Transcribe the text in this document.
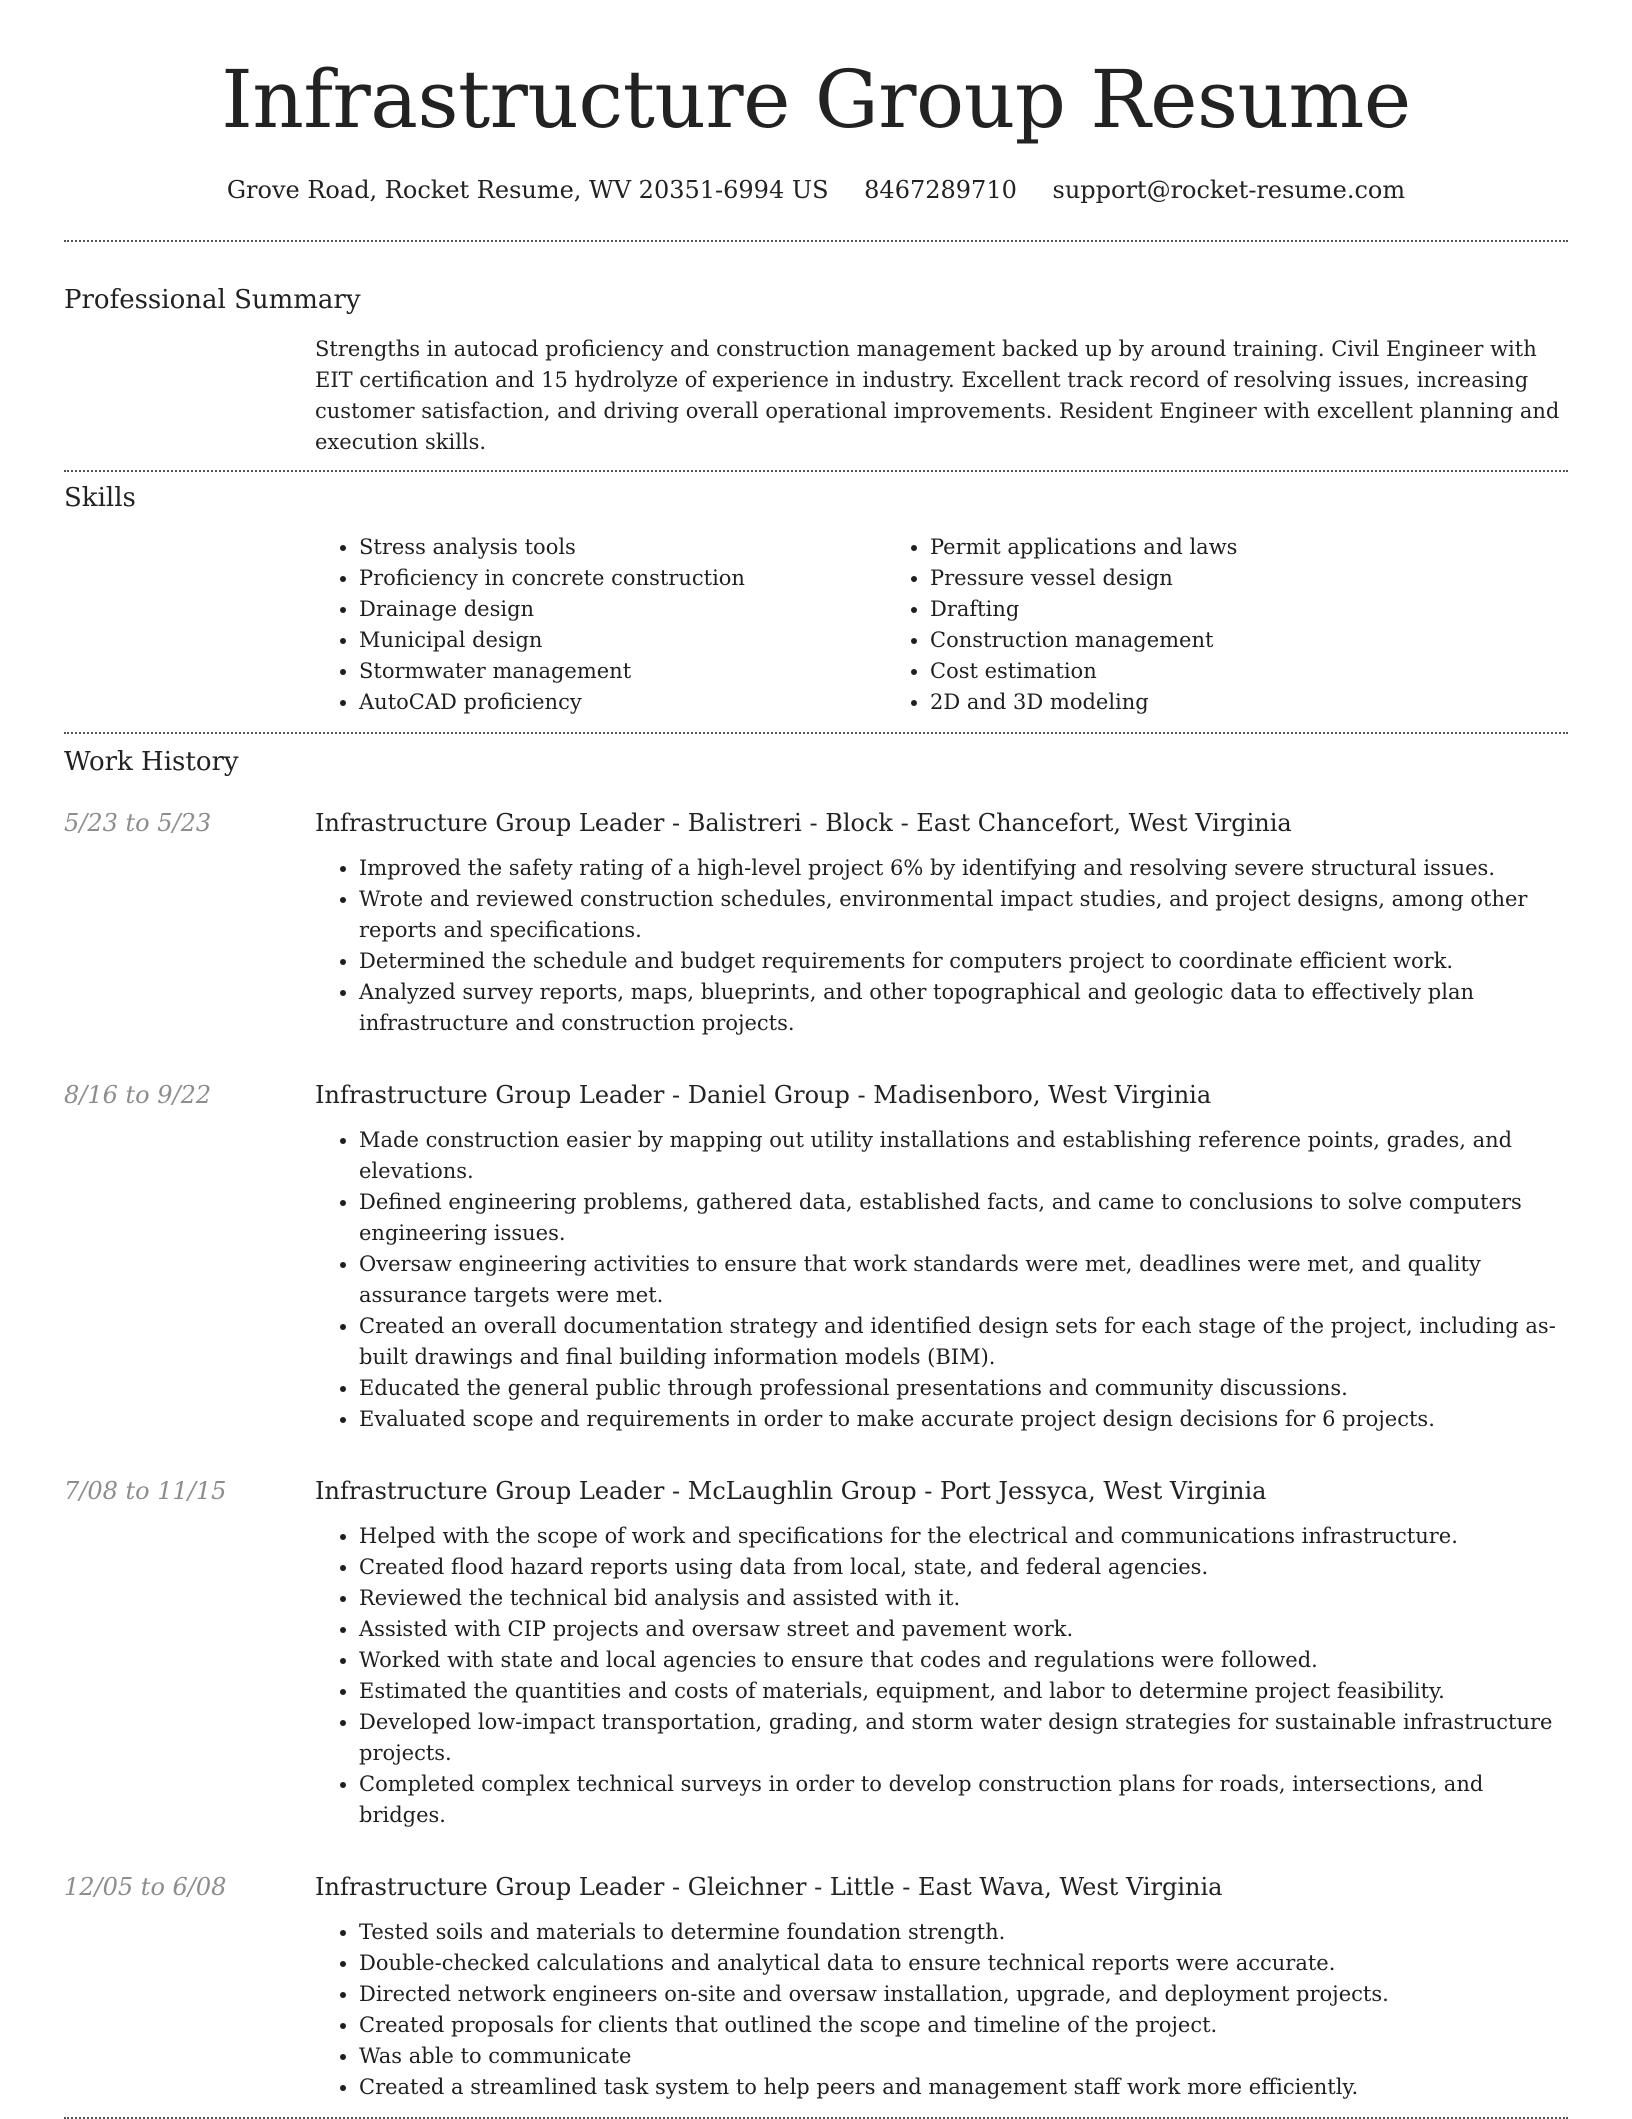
Infrastructure Group Resume
Grove Road, Rocket Resume, WV 20351-6994 US 8467289710 support@rocket-resume.com
Professional Summary

Strengths in autocad proficiency and construction management backed up by around training. Civil Engineer with EIT certification and 15 hydrolyze of experience in industry. Excellent track record of resolving issues, increasing customer satisfaction, and driving overall operational improvements. Resident Engineer with excellent planning and execution skills.

Skills
• Stress analysis tools
• Proficiency in concrete construction
• Drainage design
• Municipal design
• Stormwater management
• AutoCAD proficiency
• Permit applications and laws
• Pressure vessel design
• Drafting
• Construction management
• Cost estimation
• 2D and 3D modeling
Work History
5/23 to 5/23	Infrastructure Group Leader - Balistreri - Block - East Chancefort, West Virginia
• Improved the safety rating of a high-level project 6% by identifying and resolving severe structural issues.
• Wrote and reviewed construction schedules, environmental impact studies, and project designs, among other reports and specifications.
• Determined the schedule and budget requirements for computers project to coordinate efficient work.
• Analyzed survey reports, maps, blueprints, and other topographical and geologic data to effectively plan infrastructure and construction projects.
8/16 to 9/22	Infrastructure Group Leader - Daniel Group - Madisenboro, West Virginia
• Made construction easier by mapping out utility installations and establishing reference points, grades, and elevations.
• Defined engineering problems, gathered data, established facts, and came to conclusions to solve computers engineering issues.
• Oversaw engineering activities to ensure that work standards were met, deadlines were met, and quality assurance targets were met.
• Created an overall documentation strategy and identified design sets for each stage of the project, including as-built drawings and final building information models (BIM).
• Educated the general public through professional presentations and community discussions.
• Evaluated scope and requirements in order to make accurate project design decisions for 6 projects.
7/08 to 11/15	Infrastructure Group Leader - McLaughlin Group - Port Jessyca, West Virginia
• Helped with the scope of work and specifications for the electrical and communications infrastructure.
• Created flood hazard reports using data from local, state, and federal agencies.
• Reviewed the technical bid analysis and assisted with it.
• Assisted with CIP projects and oversaw street and pavement work.
• Worked with state and local agencies to ensure that codes and regulations were followed.
• Estimated the quantities and costs of materials, equipment, and labor to determine project feasibility.
• Developed low-impact transportation, grading, and storm water design strategies for sustainable infrastructure projects.
• Completed complex technical surveys in order to develop construction plans for roads, intersections, and bridges.
12/05 to 6/08	Infrastructure Group Leader - Gleichner - Little - East Wava, West Virginia
• Tested soils and materials to determine foundation strength.
• Double-checked calculations and analytical data to ensure technical reports were accurate.
• Directed network engineers on-site and oversaw installation, upgrade, and deployment projects.
• Created proposals for clients that outlined the scope and timeline of the project.
• Was able to communicate
• Created a streamlined task system to help peers and management staff work more efficiently.
